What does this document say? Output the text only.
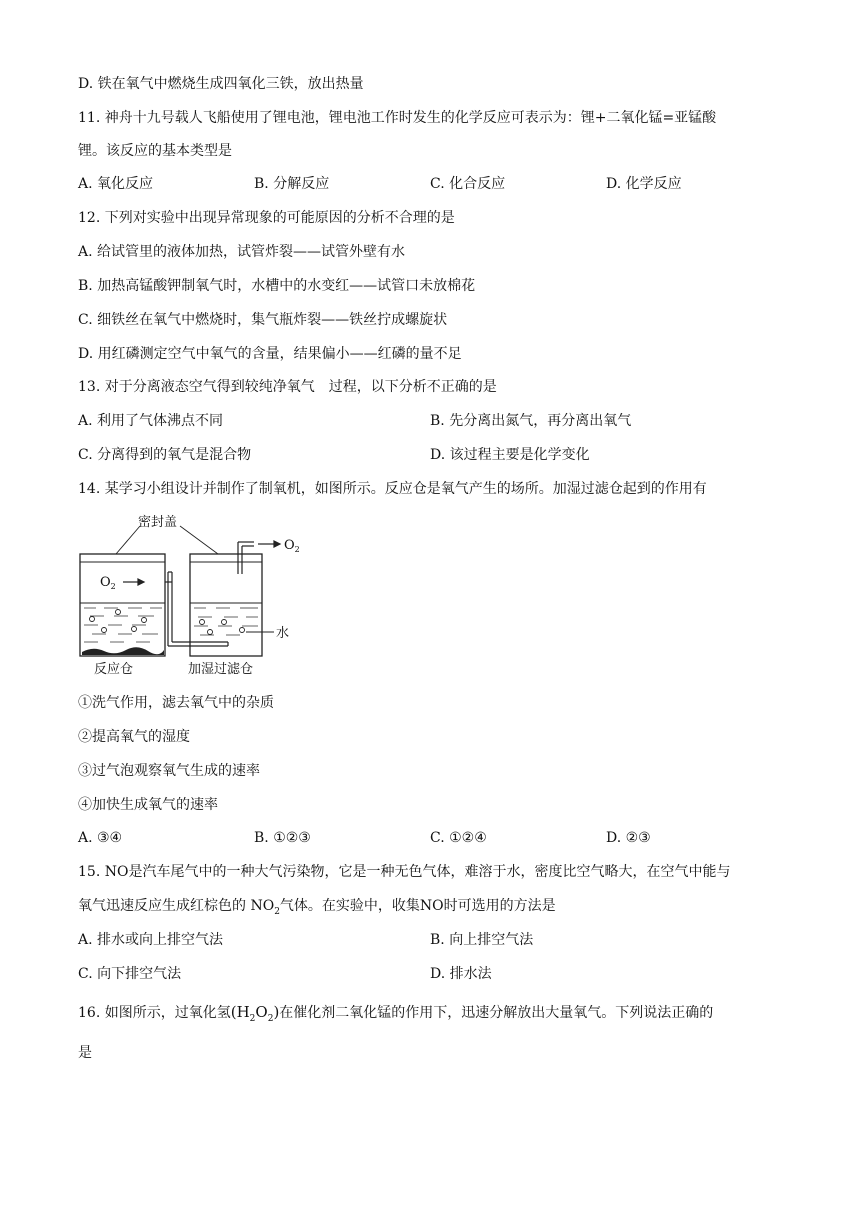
D. 铁在氧气中燃烧生成四氧化三铁，放出热量
11. 神舟十九号载人飞船使用了锂电池，锂电池工作时发生的化学反应可表示为：锂+二氧化锰=亚锰酸
锂。该反应的基本类型是
A. 氧化反应	B. 分解反应	C. 化合反应	D. 化学反应
12. 下列对实验中出现异常现象的可能原因的分析不合理的是
A. 给试管里的液体加热，试管炸裂——试管外壁有水
B. 加热高锰酸钾制氧气时，水槽中的水变红——试管口未放棉花
C. 细铁丝在氧气中燃烧时，集气瓶炸裂——铁丝拧成螺旋状
D. 用红磷测定空气中氧气的含量，结果偏小——红磷的量不足
13. 对于分离液态空气得到较纯净氧气　过程，以下分析不正确的是
A. 利用了气体沸点不同	B. 先分离出氮气，再分离出氧气
C. 分离得到的氧气是混合物	D. 该过程主要是化学变化
14. 某学习小组设计并制作了制氧机，如图所示。反应仓是氧气产生的场所。加湿过滤仓起到的作用有
密封盖
$O_2$
$O_2$
水
反应仓	加湿过滤仓
①洗气作用，滤去氧气中的杂质
②提高氧气的湿度
③过气泡观察氧气生成的速率
④加快生成氧气的速率
A. ③④	B. ①②③	C. ①②④	D. ②③
15. NO是汽车尾气中的一种大气污染物，它是一种无色气体，难溶于水，密度比空气略大，在空气中能与
氧气迅速反应生成红棕色的 $NO_2$气体。在实验中，收集NO时可选用的方法是
A. 排水或向上排空气法	B. 向上排空气法
C. 向下排空气法	D. 排水法
16. 如图所示，过氧化氢$(H_2O_2)$在催化剂二氧化锰的作用下，迅速分解放出大量氧气。下列说法正确的
是
